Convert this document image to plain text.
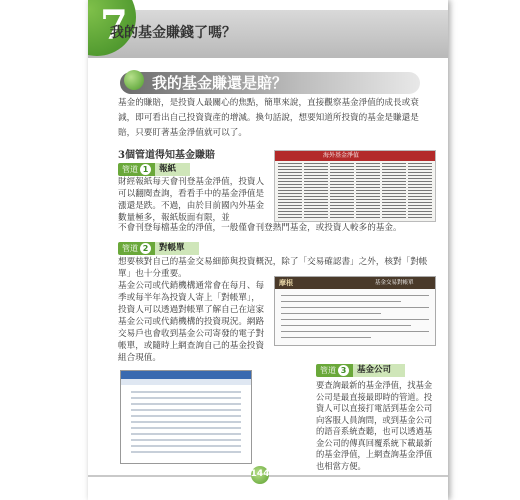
7
我的基金賺錢了嗎？
我的基金賺還是賠？
基金的賺賠，是投資人最關心的焦點，簡單來說，直接觀察基金淨值的成長或衰減，即可看出自己投資資產的增減。換句話說，想要知道所投資的基金是賺還是賠，只要盯著基金淨值就可以了。
3個管道得知基金賺賠
管道 1	報紙
財經報紙每天會刊登基金淨值，投資人可以翻閱查詢，看看手中的基金淨值是漲還是跌。不過，由於目前國內外基金數量極多，報紙版面有限，並
不會刊登每檔基金的淨值，一般僅會刊登熱門基金，或投資人較多的基金。
海外基金淨值
管道 2	對帳單
想要核對自己的基金交易細節與投資概況，除了「交易確認書」之外，核對「對帳單」也十分重要。
基金公司或代銷機構通常會在每月、每季或每半年為投資人寄上「對帳單」，投資人可以透過對帳單了解自己在這家基金公司或代銷機構的投資現況。網路交易戶也會收到基金公司寄發的電子對帳單，或隨時上網查詢自己的基金投資組合現值。
摩根	基金交易對帳單
管道 3	基金公司
要查詢最新的基金淨值，找基金公司是最直接最即時的管道。投資人可以直接打電話到基金公司向客服人員詢問，或到基金公司的語音系統查聽，也可以透過基金公司的傳真回覆系統下載最新的基金淨值，上網查詢基金淨值也相當方便。
144
